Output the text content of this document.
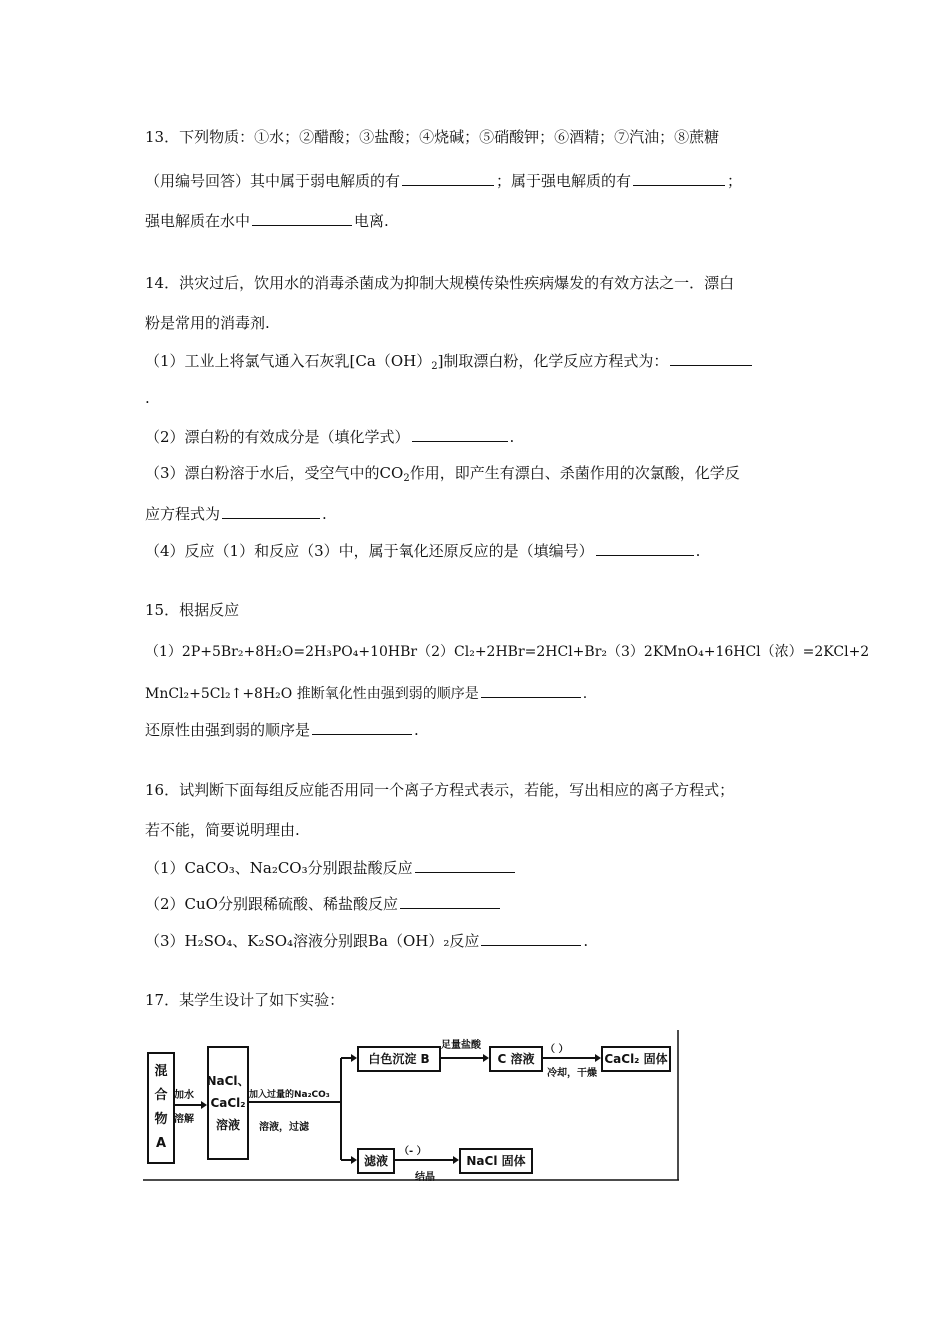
13．下列物质：①水；②醋酸；③盐酸；④烧碱；⑤硝酸钾；⑥酒精；⑦汽油；⑧蔗糖
（用编号回答）其中属于弱电解质的有	；属于强电解质的有	；
强电解质在水中	电离.
14．洪灾过后，饮用水的消毒杀菌成为抑制大规模传染性疾病爆发的有效方法之一．漂白
粉是常用的消毒剂.
（1）工业上将氯气通入石灰乳$[Ca(OH)_2]$制取漂白粉，化学反应方程式为：
.
（2）漂白粉的有效成分是（填化学式）	.
（3）漂白粉溶于水后，受空气中的$CO_2$作用，即产生有漂白、杀菌作用的次氯酸，化学反
应方程式为	.
（4）反应（1）和反应（3）中，属于氧化还原反应的是（填编号）	.
15．根据反应
（1）2P+5Br₂+8H₂O=2H₃PO₄+10HBr（2）Cl₂+2HBr=2HCl+Br₂（3）2KMnO₄+16HCl（浓）=2KCl+2
MnCl₂+5Cl₂↑+8H₂O 推断氧化性由强到弱的顺序是	.
还原性由强到弱的顺序是	.
16．试判断下面每组反应能否用同一个离子方程式表示，若能，写出相应的离子方程式；
若不能，简要说明理由.
（1）CaCO₃、Na₂CO₃分别跟盐酸反应
（2）CuO分别跟稀硫酸、稀盐酸反应
（3）H₂SO₄、K₂SO₄溶液分别跟Ba（OH）₂反应	.
17．某学生设计了如下实验：
混
合
物
A
加水
溶解
NaCl、
CaCl₂
溶液
加入过量的Na₂CO₃
溶液，过滤
白色沉淀 B
足量盐酸
C 溶液
（ ）
冷却，干燥
CaCl₂ 固体
滤液
（- ）
结晶
NaCl 固体
